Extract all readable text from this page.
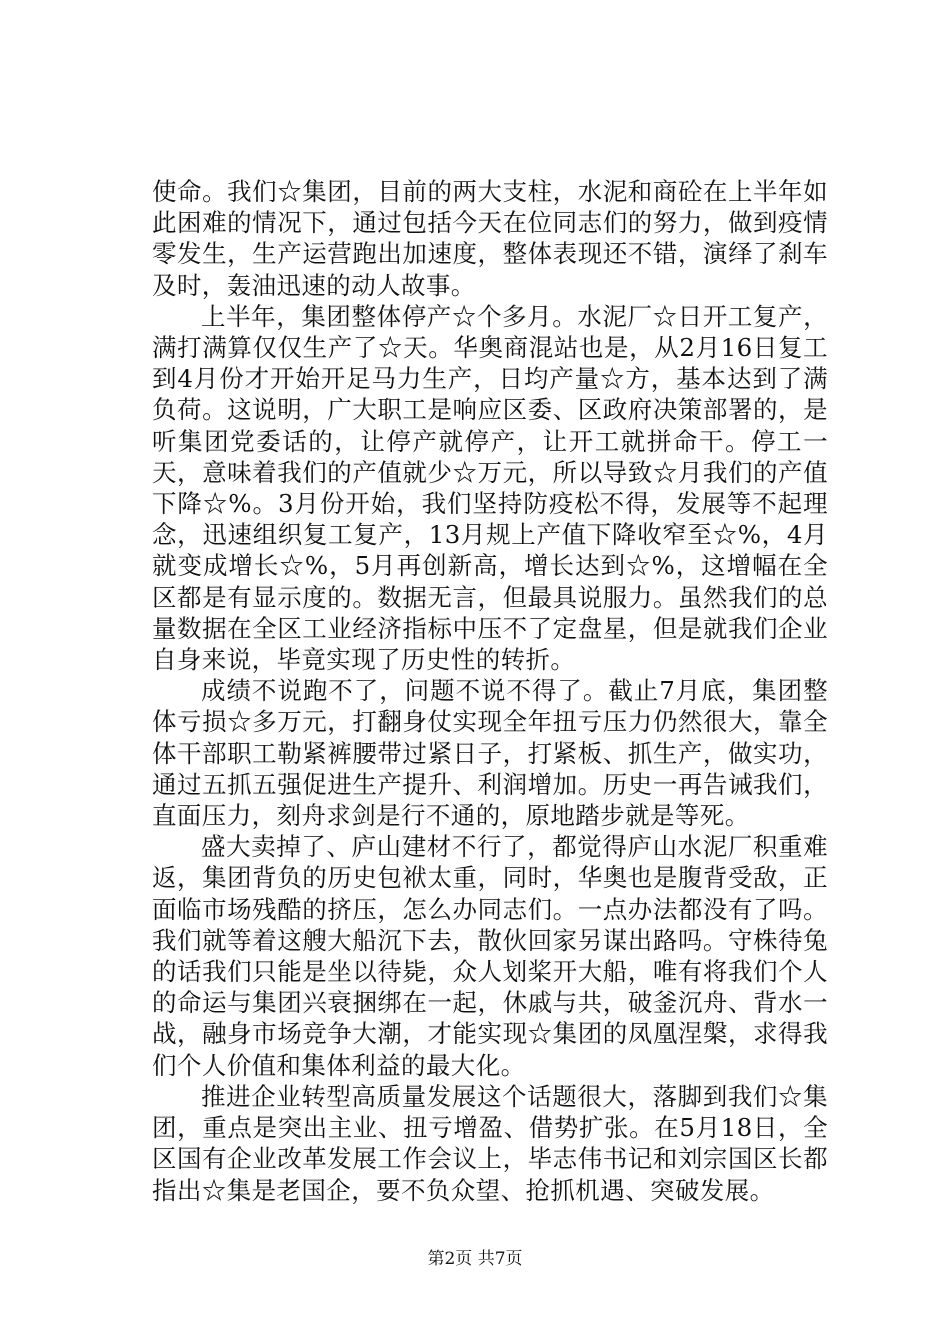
使命。我们☆集团，目前的两大支柱，水泥和商砼在上半年如此困难的情况下，通过包括今天在位同志们的努力，做到疫情零发生，生产运营跑出加速度，整体表现还不错，演绎了刹车及时，轰油迅速的动人故事。

上半年，集团整体停产☆个多月。水泥厂☆日开工复产，满打满算仅仅生产了☆天。华奥商混站也是，从2月16日复工到4月份才开始开足马力生产，日均产量☆方，基本达到了满负荷。这说明，广大职工是响应区委、区政府决策部署的，是听集团党委话的，让停产就停产，让开工就拼命干。停工一天，意味着我们的产值就少☆万元，所以导致☆月我们的产值下降☆%。3月份开始，我们坚持防疫松不得，发展等不起理念，迅速组织复工复产，13月规上产值下降收窄至☆%，4月就变成增长☆%，5月再创新高，增长达到☆%，这增幅在全区都是有显示度的。数据无言，但最具说服力。虽然我们的总量数据在全区工业经济指标中压不了定盘星，但是就我们企业自身来说，毕竟实现了历史性的转折。

成绩不说跑不了，问题不说不得了。截止7月底，集团整体亏损☆多万元，打翻身仗实现全年扭亏压力仍然很大，靠全体干部职工勒紧裤腰带过紧日子，打紧板、抓生产，做实功，通过五抓五强促进生产提升、利润增加。历史一再告诫我们，直面压力，刻舟求剑是行不通的，原地踏步就是等死。

盛大卖掉了、庐山建材不行了，都觉得庐山水泥厂积重难返，集团背负的历史包袱太重，同时，华奥也是腹背受敌，正面临市场残酷的挤压，怎么办同志们。一点办法都没有了吗。我们就等着这艘大船沉下去，散伙回家另谋出路吗。守株待兔的话我们只能是坐以待毙，众人划桨开大船，唯有将我们个人的命运与集团兴衰捆绑在一起，休戚与共，破釜沉舟、背水一战，融身市场竞争大潮，才能实现☆集团的凤凰涅槃，求得我们个人价值和集体利益的最大化。

推进企业转型高质量发展这个话题很大，落脚到我们☆集团，重点是突出主业、扭亏增盈、借势扩张。在5月18日，全区国有企业改革发展工作会议上，毕志伟书记和刘宗国区长都指出☆集是老国企，要不负众望、抢抓机遇、突破发展。

第2页 共7页
